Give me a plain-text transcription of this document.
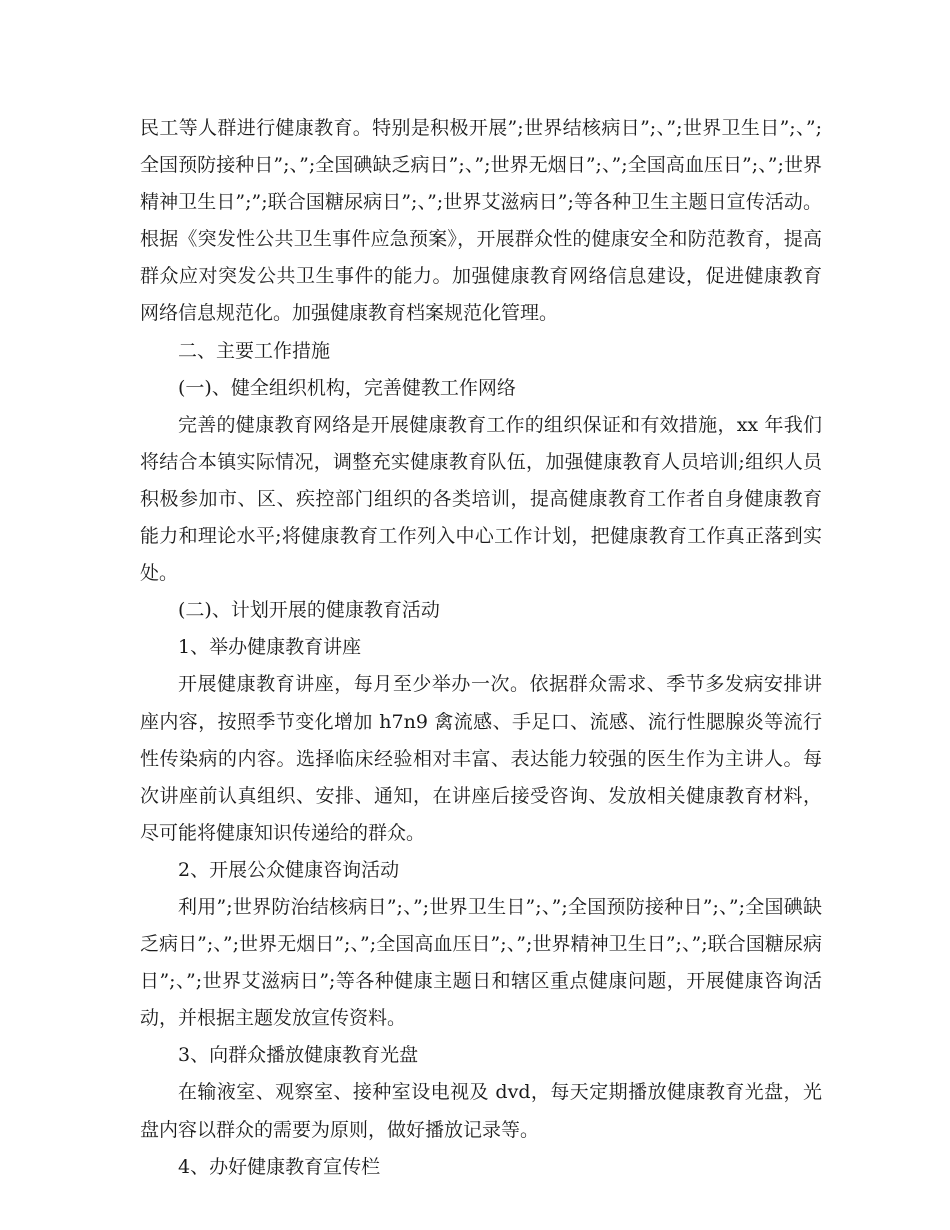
民工等人群进行健康教育。特别是积极开展”;世界结核病日”;、”;世界卫生日”;、”;全国预防接种日”;、”;全国碘缺乏病日”;、”;世界无烟日”;、”;全国高血压日”;、”;世界精神卫生日”;”;联合国糖尿病日”;、”;世界艾滋病日”;等各种卫生主题日宣传活动。根据《突发性公共卫生事件应急预案》，开展群众性的健康安全和防范教育，提高群众应对突发公共卫生事件的能力。加强健康教育网络信息建设，促进健康教育网络信息规范化。加强健康教育档案规范化管理。

二、主要工作措施

(一)、健全组织机构，完善健教工作网络

完善的健康教育网络是开展健康教育工作的组织保证和有效措施，xx 年我们将结合本镇实际情况，调整充实健康教育队伍，加强健康教育人员培训;组织人员积极参加市、区、疾控部门组织的各类培训，提高健康教育工作者自身健康教育能力和理论水平;将健康教育工作列入中心工作计划，把健康教育工作真正落到实处。

(二)、计划开展的健康教育活动

1、举办健康教育讲座

开展健康教育讲座，每月至少举办一次。依据群众需求、季节多发病安排讲座内容，按照季节变化增加 h7n9 禽流感、手足口、流感、流行性腮腺炎等流行性传染病的内容。选择临床经验相对丰富、表达能力较强的医生作为主讲人。每次讲座前认真组织、安排、通知，在讲座后接受咨询、发放相关健康教育材料，尽可能将健康知识传递给的群众。

2、开展公众健康咨询活动

利用”;世界防治结核病日”;、”;世界卫生日”;、”;全国预防接种日”;、”;全国碘缺乏病日”;、”;世界无烟日”;、”;全国高血压日”;、”;世界精神卫生日”;、”;联合国糖尿病日”;、”;世界艾滋病日”;等各种健康主题日和辖区重点健康问题，开展健康咨询活动，并根据主题发放宣传资料。

3、向群众播放健康教育光盘

在输液室、观察室、接种室设电视及 dvd，每天定期播放健康教育光盘，光盘内容以群众的需要为原则，做好播放记录等。

4、办好健康教育宣传栏
